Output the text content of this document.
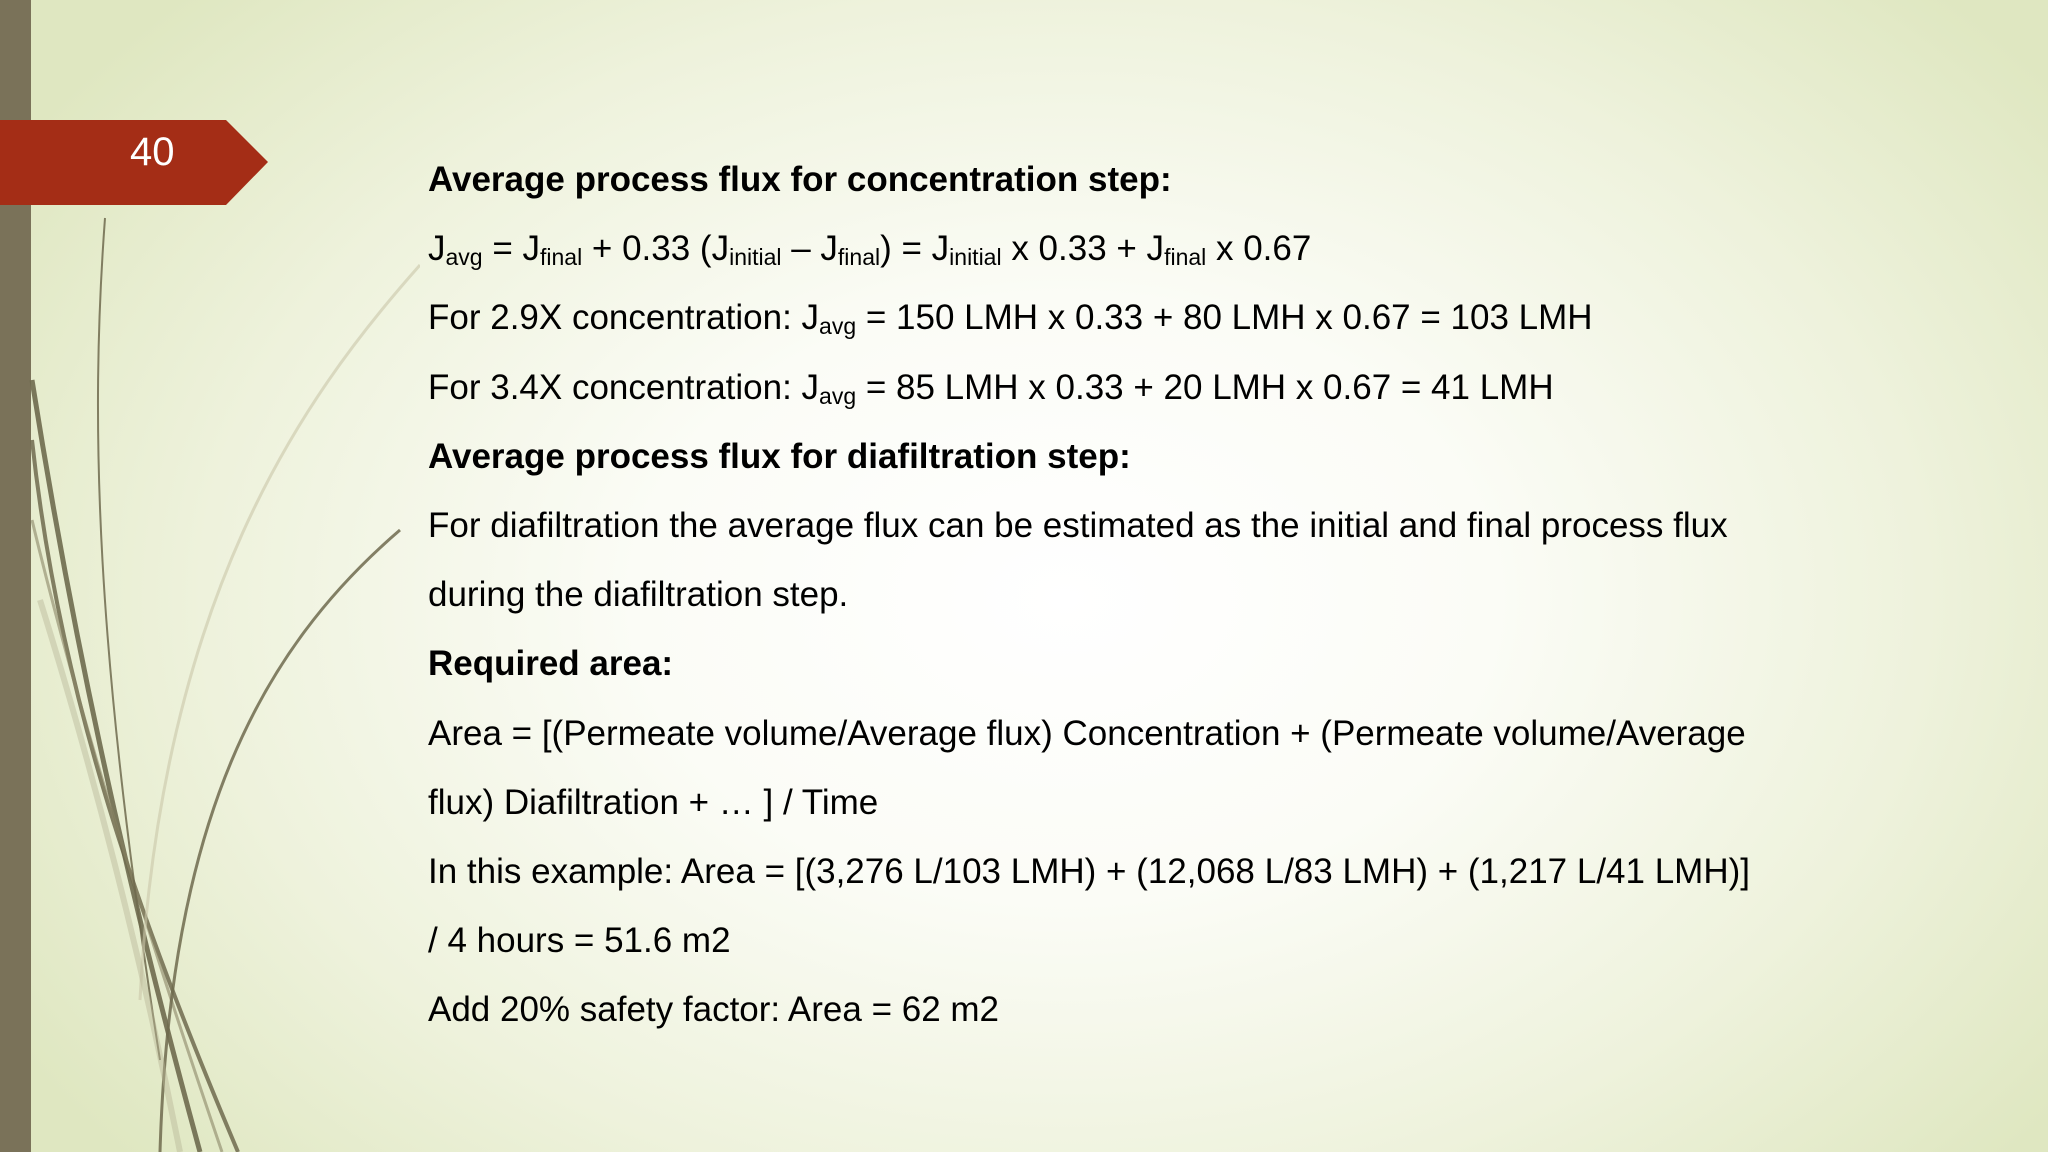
40
Average process flux for concentration step:
Javg = Jfinal + 0.33 (Jinitial – Jfinal) = Jinitial x 0.33 + Jfinal x 0.67
For 2.9X concentration: Javg = 150 LMH x 0.33 + 80 LMH x 0.67 = 103 LMH
For 3.4X concentration: Javg = 85 LMH x 0.33 + 20 LMH x 0.67 = 41 LMH
Average process flux for diafiltration step:
For diafiltration the average flux can be estimated as the initial and final process flux
during the diafiltration step.
Required area:
Area = [(Permeate volume/Average flux) Concentration + (Permeate volume/Average
flux) Diafiltration + … ] / Time
In this example: Area = [(3,276 L/103 LMH) + (12,068 L/83 LMH) + (1,217 L/41 LMH)]
/ 4 hours = 51.6 m2
Add 20% safety factor: Area = 62 m2
